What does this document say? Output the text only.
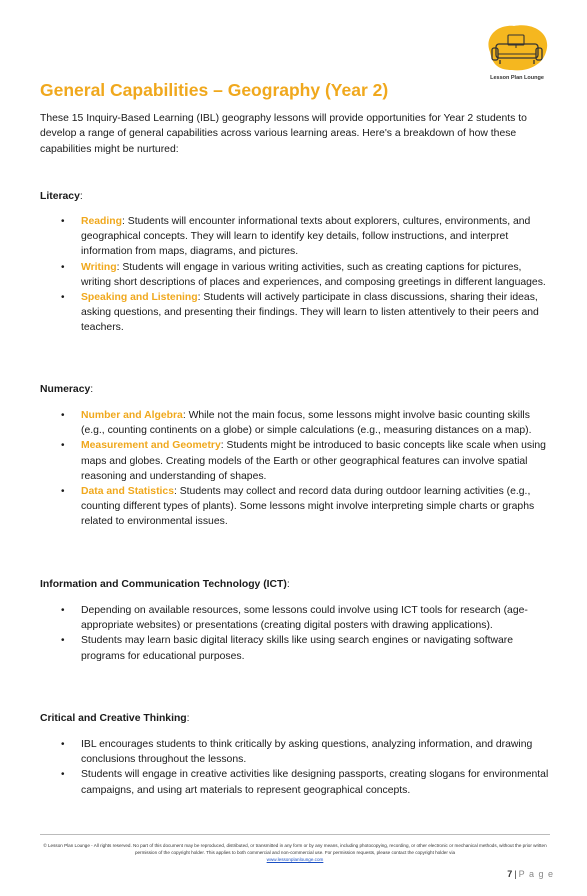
Lesson Plan Lounge
General Capabilities – Geography (Year 2)

These 15 Inquiry-Based Learning (IBL) geography lessons will provide opportunities for Year 2 students to develop a range of general capabilities across various learning areas. Here's a breakdown of how these capabilities might be nurtured:

Literacy:

• Reading: Students will encounter informational texts about explorers, cultures, environments, and geographical concepts. They will learn to identify key details, follow instructions, and interpret information from maps, diagrams, and pictures.
• Writing: Students will engage in various writing activities, such as creating captions for pictures, writing short descriptions of places and experiences, and composing greetings in different languages.
• Speaking and Listening: Students will actively participate in class discussions, sharing their ideas, asking questions, and presenting their findings. They will learn to listen attentively to their peers and teachers.

Numeracy:

• Number and Algebra: While not the main focus, some lessons might involve basic counting skills (e.g., counting continents on a globe) or simple calculations (e.g., measuring distances on a map).
• Measurement and Geometry: Students might be introduced to basic concepts like scale when using maps and globes. Creating models of the Earth or other geographical features can involve spatial reasoning and understanding of shapes.
• Data and Statistics: Students may collect and record data during outdoor learning activities (e.g., counting different types of plants). Some lessons might involve interpreting simple charts or graphs related to environmental issues.

Information and Communication Technology (ICT):

• Depending on available resources, some lessons could involve using ICT tools for research (age-appropriate websites) or presentations (creating digital posters with drawing applications).
• Students may learn basic digital literacy skills like using search engines or navigating software programs for educational purposes.

Critical and Creative Thinking:

• IBL encourages students to think critically by asking questions, analyzing information, and drawing conclusions throughout the lessons.
• Students will engage in creative activities like designing passports, creating slogans for environmental campaigns, and using art materials to represent geographical concepts.
© Lesson Plan Lounge - All rights reserved. No part of this document may be reproduced, distributed, or transmitted in any form or by any means, including photocopying, recording, or other electronic or mechanical methods, without the prior written permission of the copyright holder. This applies to both commercial and non-commercial use. For permission requests, please contact the copyright holder via
www.lessonplanlounge.com
7 | P a g e
